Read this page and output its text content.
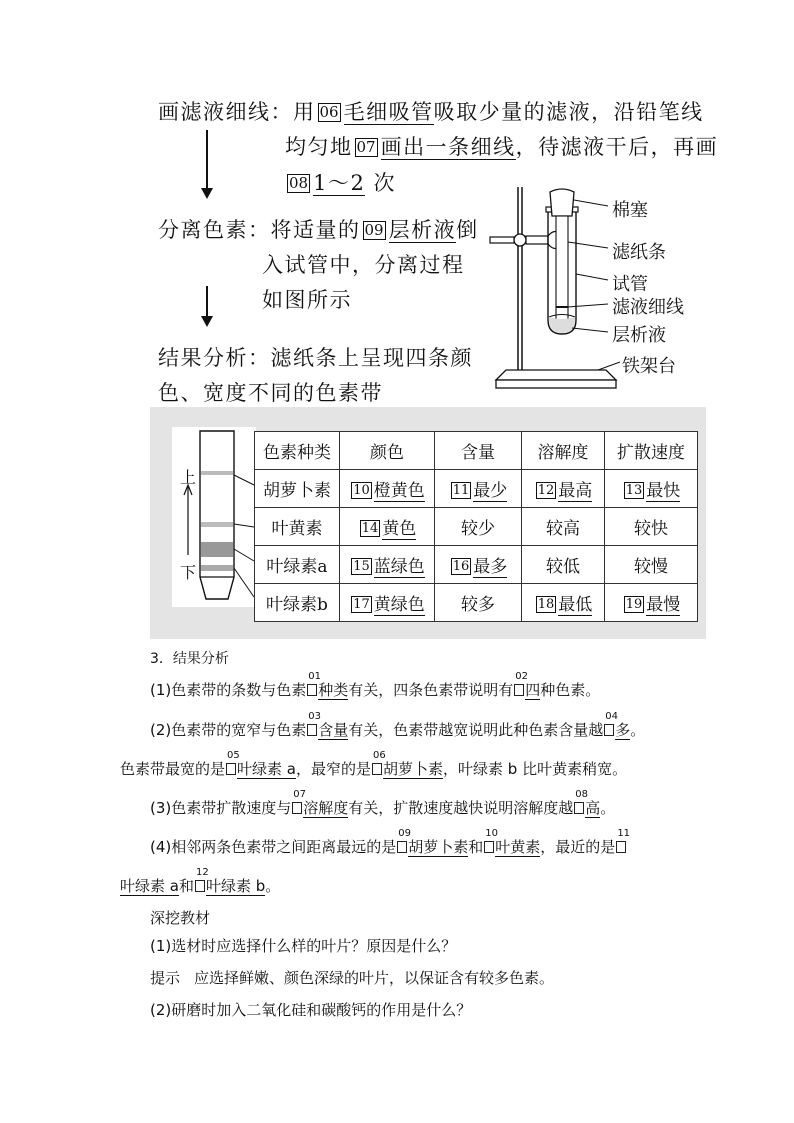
画滤液细线：用 06 毛细吸管吸取少量的滤液，沿铅笔线
均匀地 07 画出一条细线，待滤液干后，再画
08 1～2 次
分离色素：将适量的 09 层析液倒
入试管中，分离过程
如图所示
结果分析：滤纸条上呈现四条颜
色、宽度不同的色素带
棉塞
滤纸条
试管
滤液细线
层析液
铁架台
上
下
色素种类	颜色	含量	溶解度	扩散速度
胡萝卜素	10 橙黄色	11 最少	12 最高	13 最快
叶黄素	14 黄色	较少	较高	较快
叶绿素a	15 蓝绿色	16 最多	较低	较慢
叶绿素b	17 黄绿色	较多	18 最低	19 最慢
3．结果分析
(1)色素带的条数与色素
01
种类有关，四条色素带说明有
02
四种色素。
(2)色素带的宽窄与色素
03
含量有关，色素带越宽说明此种色素含量越
04
多。
色素带最宽的是
05
叶绿素 a，最窄的是
06
胡萝卜素，叶绿素 b 比叶黄素稍宽。
(3)色素带扩散速度与
07
溶解度有关，扩散速度越快说明溶解度越
08
高。
(4)相邻两条色素带之间距离最远的是
09
胡萝卜素和
10
叶黄素，最近的是
11
叶绿素 a和
12
叶绿素 b。
深挖教材
(1)选材时应选择什么样的叶片？原因是什么？
提示 应选择鲜嫩、颜色深绿的叶片，以保证含有较多色素。
(2)研磨时加入二氧化硅和碳酸钙的作用是什么？
